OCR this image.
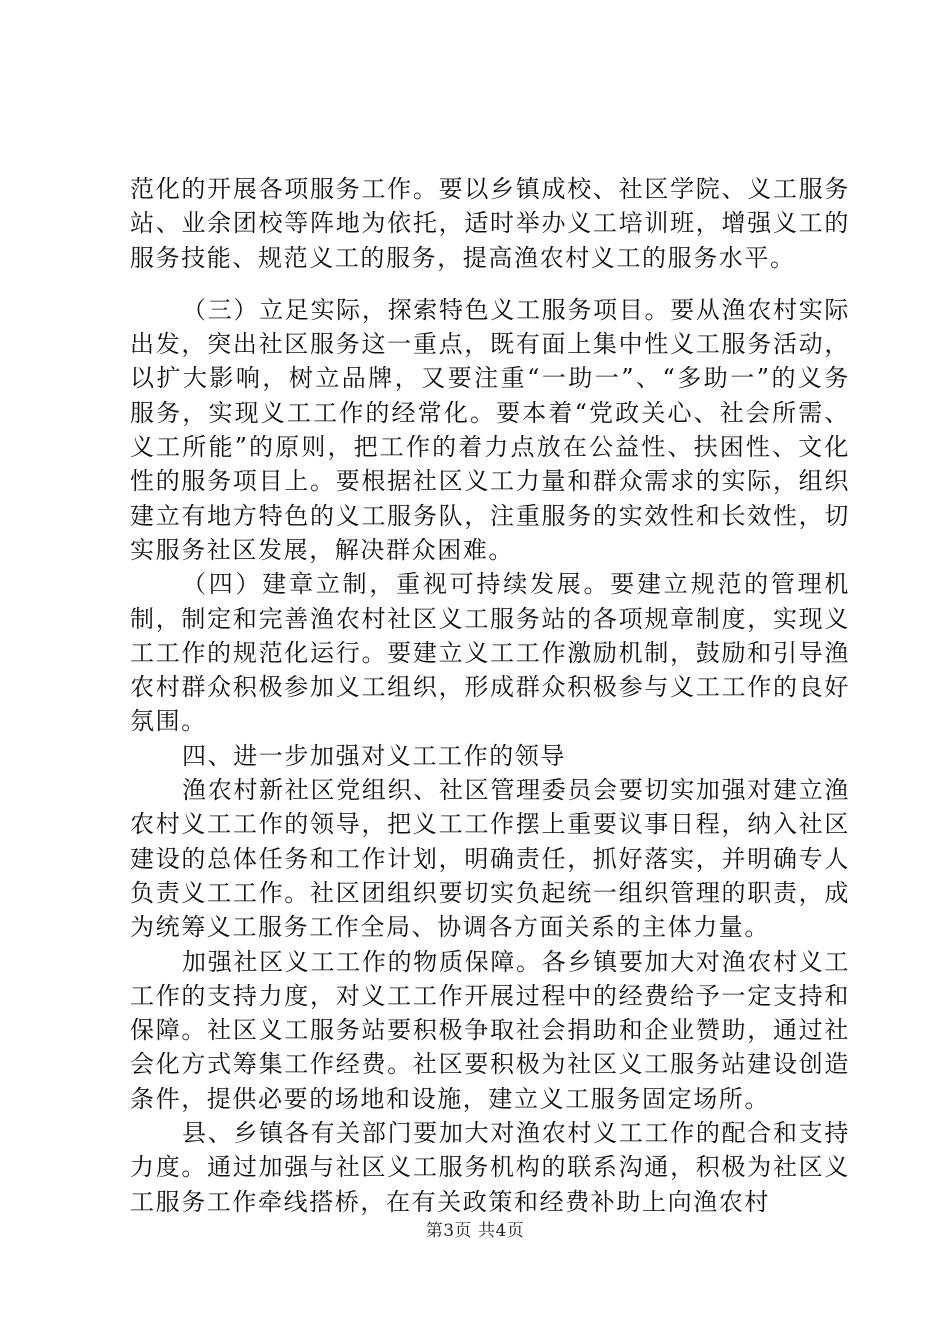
范化的开展各项服务工作。要以乡镇成校、社区学院、义工服务站、业余团校等阵地为依托，适时举办义工培训班，增强义工的服务技能、规范义工的服务，提高渔农村义工的服务水平。

（三）立足实际，探索特色义工服务项目。要从渔农村实际出发，突出社区服务这一重点，既有面上集中性义工服务活动，以扩大影响，树立品牌，又要注重“一助一”、“多助一”的义务服务，实现义工工作的经常化。要本着“党政关心、社会所需、义工所能”的原则，把工作的着力点放在公益性、扶困性、文化性的服务项目上。要根据社区义工力量和群众需求的实际，组织建立有地方特色的义工服务队，注重服务的实效性和长效性，切实服务社区发展，解决群众困难。

（四）建章立制，重视可持续发展。要建立规范的管理机制，制定和完善渔农村社区义工服务站的各项规章制度，实现义工工作的规范化运行。要建立义工工作激励机制，鼓励和引导渔农村群众积极参加义工组织，形成群众积极参与义工工作的良好氛围。

四、进一步加强对义工工作的领导

渔农村新社区党组织、社区管理委员会要切实加强对建立渔农村义工工作的领导，把义工工作摆上重要议事日程，纳入社区建设的总体任务和工作计划，明确责任，抓好落实，并明确专人负责义工工作。社区团组织要切实负起统一组织管理的职责，成为统筹义工服务工作全局、协调各方面关系的主体力量。

加强社区义工工作的物质保障。各乡镇要加大对渔农村义工工作的支持力度，对义工工作开展过程中的经费给予一定支持和保障。社区义工服务站要积极争取社会捐助和企业赞助，通过社会化方式筹集工作经费。社区要积极为社区义工服务站建设创造条件，提供必要的场地和设施，建立义工服务固定场所。

县、乡镇各有关部门要加大对渔农村义工工作的配合和支持力度。通过加强与社区义工服务机构的联系沟通，积极为社区义工服务工作牵线搭桥，在有关政策和经费补助上向渔农村

第3页 共4页
